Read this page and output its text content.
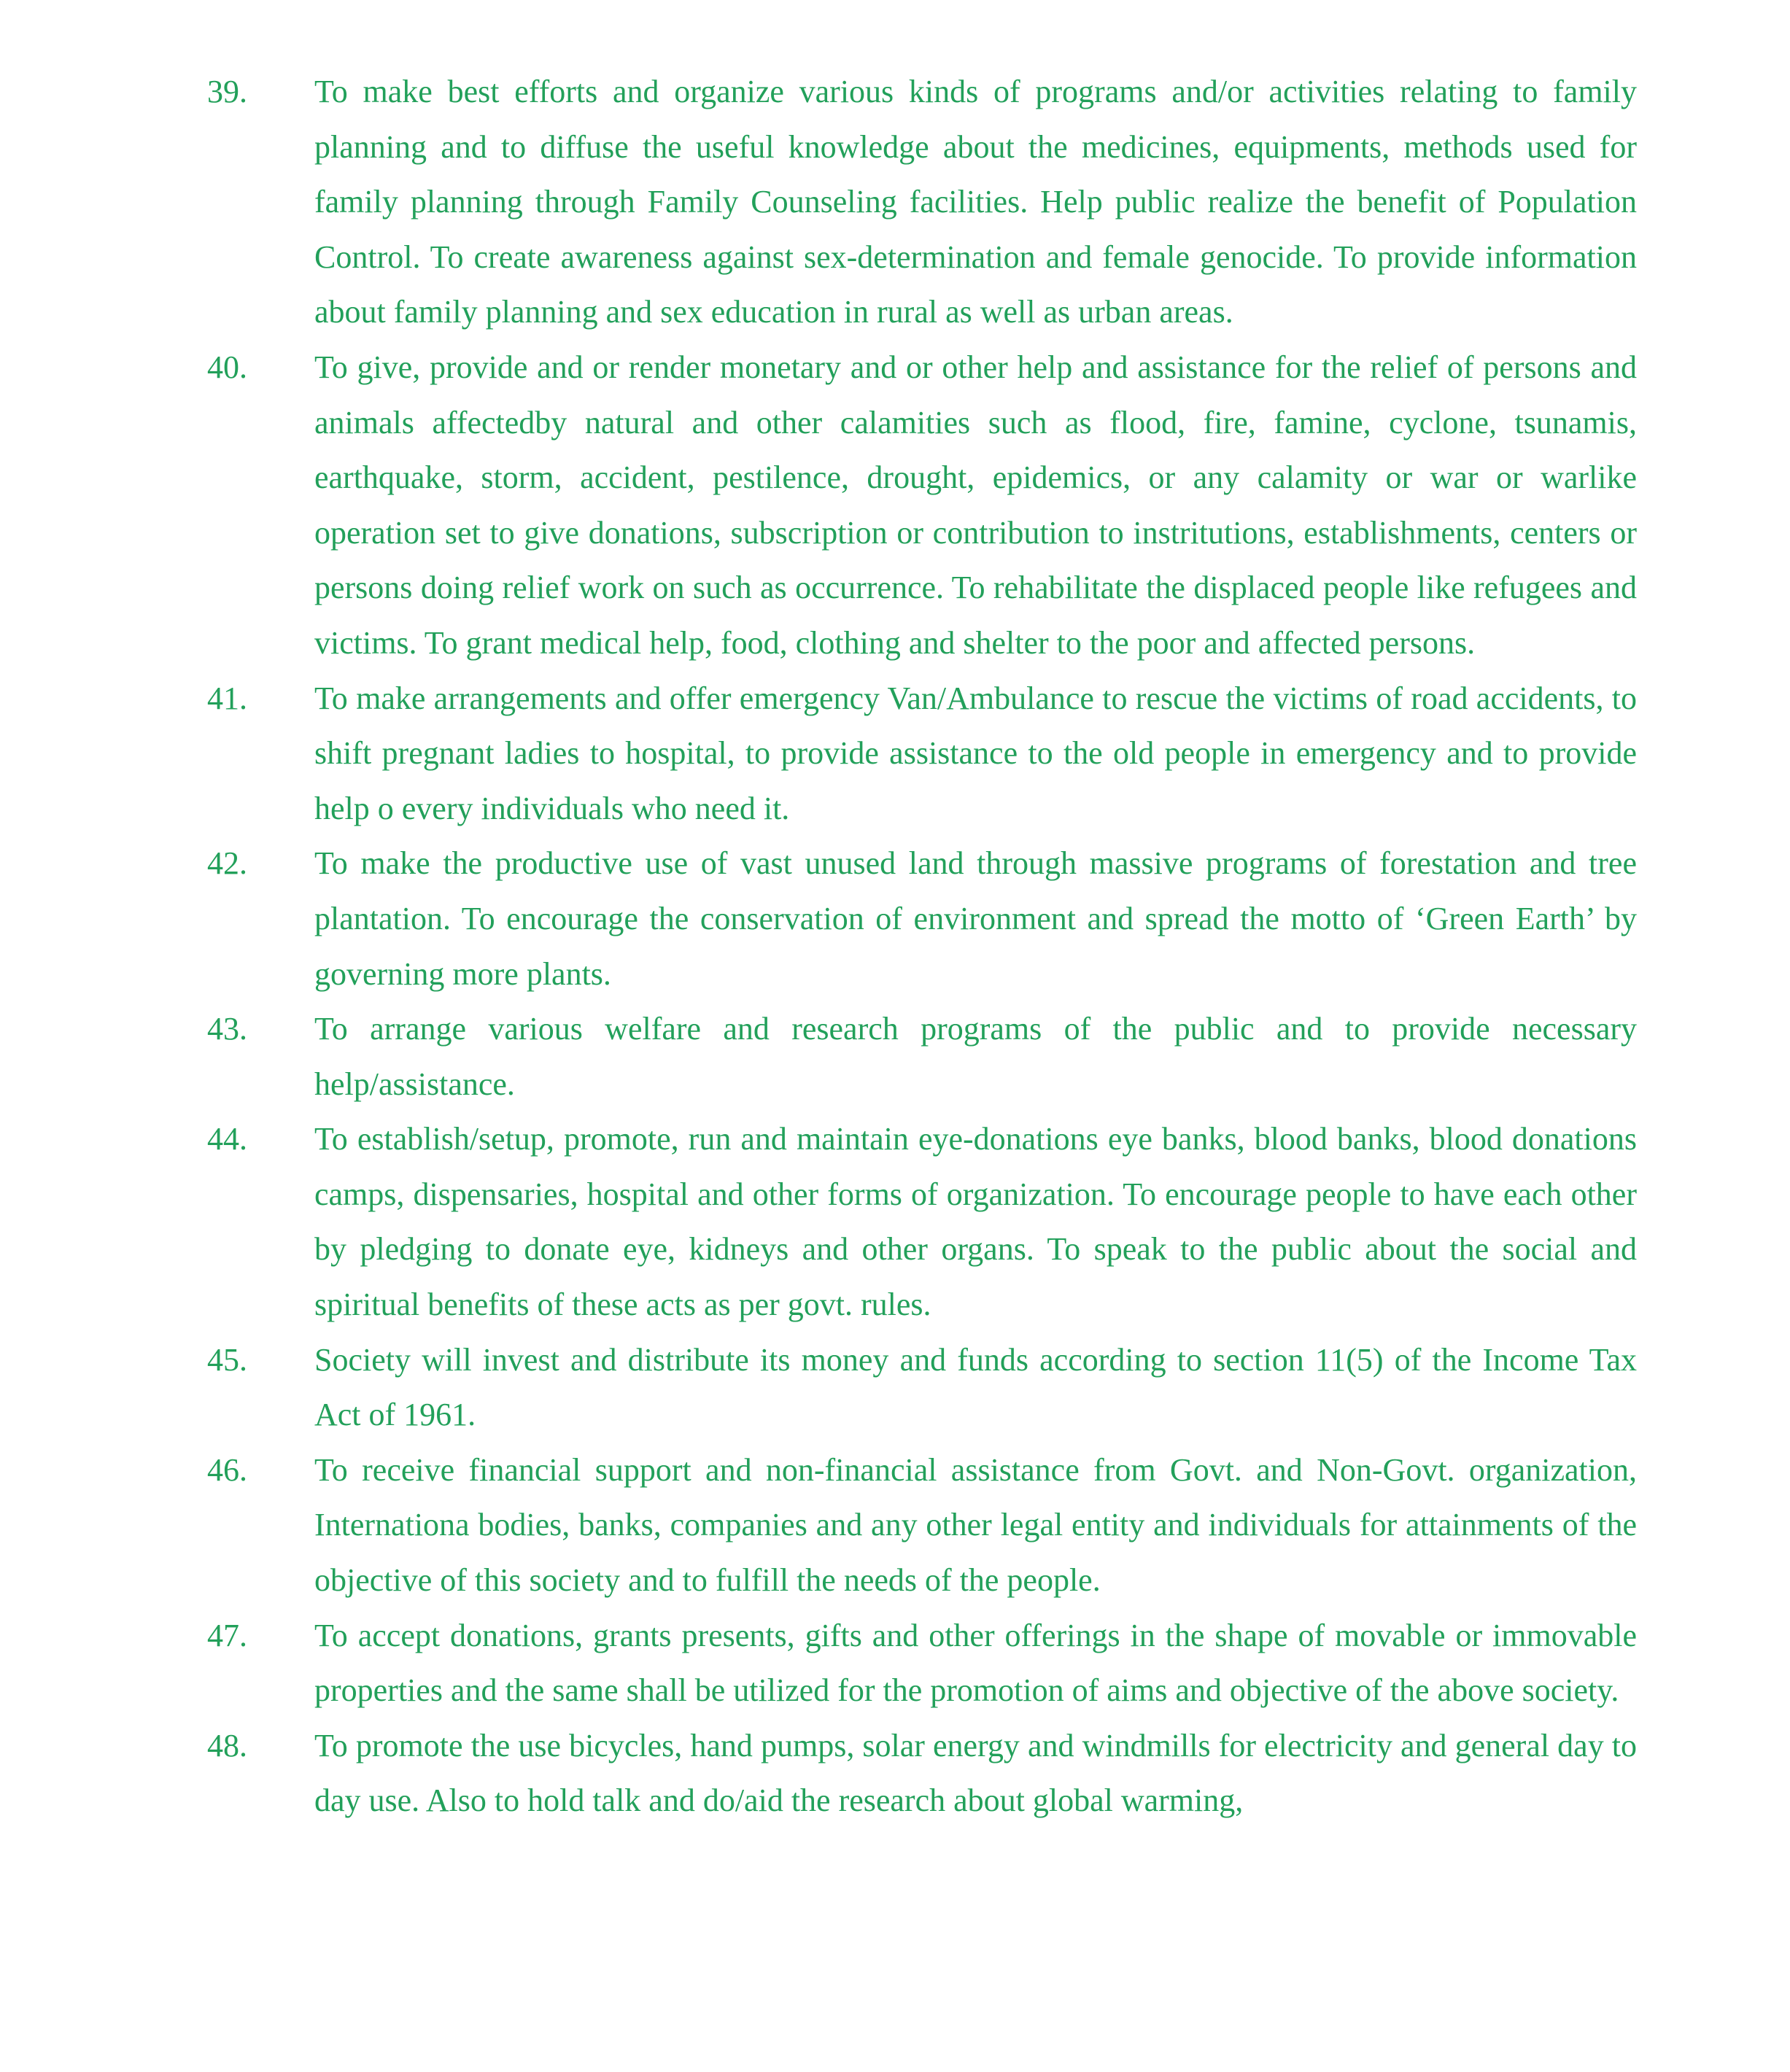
39.	To make best efforts and organize various kinds of programs and/or activities relating to family planning and to diffuse the useful knowledge about the medicines, equipments, methods used for family planning through Family Counseling facilities. Help public realize the benefit of Population Control. To create awareness against sex-determination and female genocide. To provide information about family planning and sex education in rural as well as urban areas.

40.	To give, provide and or render monetary and or other help and assistance for the relief of persons and animals affectedby natural and other calamities such as flood, fire, famine, cyclone, tsunamis, earthquake, storm, accident, pestilence, drought, epidemics, or any calamity or war or warlike operation set to give donations, subscription or contribution to instritutions, establishments, centers or persons doing relief work on such as occurrence. To rehabilitate the displaced people like refugees and victims. To grant medical help, food, clothing and shelter to the poor and affected persons.

41.	To make arrangements and offer emergency Van/Ambulance to rescue the victims of road accidents, to shift pregnant ladies to hospital, to provide assistance to the old people in emergency and to provide help o every individuals who need it.

42.	To make the productive use of vast unused land through massive programs of forestation and tree plantation. To encourage the conservation of environment and spread the motto of ‘Green Earth’ by governing more plants.

43.	To arrange various welfare and research programs of the public and to provide necessary help/assistance.

44.	To establish/setup, promote, run and maintain eye-donations eye banks, blood banks, blood donations camps, dispensaries, hospital and other forms of organization. To encourage people to have each other by pledging to donate eye, kidneys and other organs. To speak to the public about the social and spiritual benefits of these acts as per govt. rules.

45.	Society will invest and distribute its money and funds according to section 11(5) of the Income Tax Act of 1961.

46.	To receive financial support and non-financial assistance from Govt. and Non-Govt. organization, Internationa bodies, banks, companies and any other legal entity and individuals for attainments of the objective of this society and to fulfill the needs of the people.

47.	To accept donations, grants presents, gifts and other offerings in the shape of movable or immovable properties and the same shall be utilized for the promotion of aims and objective of the above society.

48.	To promote the use bicycles, hand pumps, solar energy and windmills for electricity and general day to day use. Also to hold talk and do/aid the research about global warming,
